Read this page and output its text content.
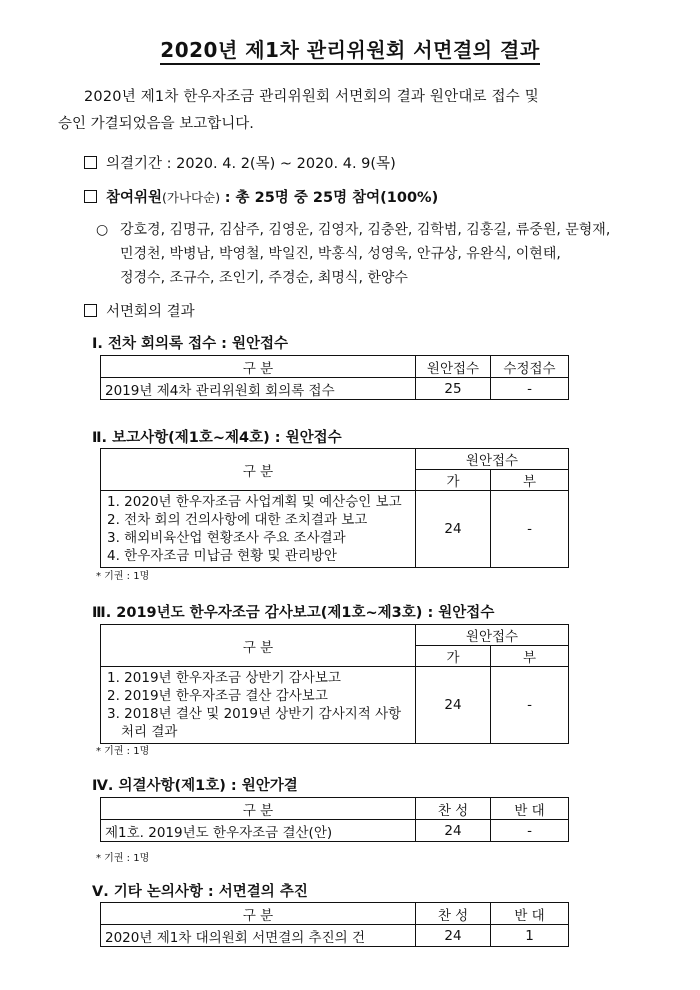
2020년 제1차 관리위원회 서면결의 결과
2020년 제1차 한우자조금 관리위원회 서면회의 결과 원안대로 접수 및
승인 가결되었음을 보고합니다.
의결기간 : 2020. 4. 2(목) ~ 2020. 4. 9(목)
참여위원(가나다순) : 총 25명 중 25명 참여(100%)
○ 강호경, 김명규, 김삼주, 김영운, 김영자, 김충완, 김학범, 김홍길, 류중원, 문형재,
민경천, 박병남, 박영철, 박일진, 박홍식, 성영욱, 안규상, 유완식, 이현태,
정경수, 조규수, 조인기, 주경순, 최명식, 한양수
서면회의 결과
Ⅰ. 전차 회의록 접수 : 원안접수
구 분	원안접수	수정접수
2019년 제4차 관리위원회 회의록 접수	25	-
Ⅱ. 보고사항(제1호~제4호) : 원안접수
구 분	원안접수	
	가	부

1. 2020년 한우자조금 사업계획 및 예산승인 보고
2. 전차 회의 건의사항에 대한 조치결과 보고
3. 해외비육산업 현황조사 주요 조사결과
4. 한우자조금 미납금 현황 및 관리방안	24	-
* 기권 : 1명
Ⅲ. 2019년도 한우자조금 감사보고(제1호~제3호) : 원안접수
구 분	원안접수	
	가	부

1. 2019년 한우자조금 상반기 감사보고
2. 2019년 한우자조금 결산 감사보고
3. 2018년 결산 및 2019년 상반기 감사지적 사항 처리 결과	24	-
* 기권 : 1명
Ⅳ. 의결사항(제1호) : 원안가결
구 분	찬 성	반 대
제1호. 2019년도 한우자조금 결산(안)	24	-
* 기권 : 1명
Ⅴ. 기타 논의사항 : 서면결의 추진
구 분	찬 성	반 대
2020년 제1차 대의원회 서면결의 추진의 건	24	1
